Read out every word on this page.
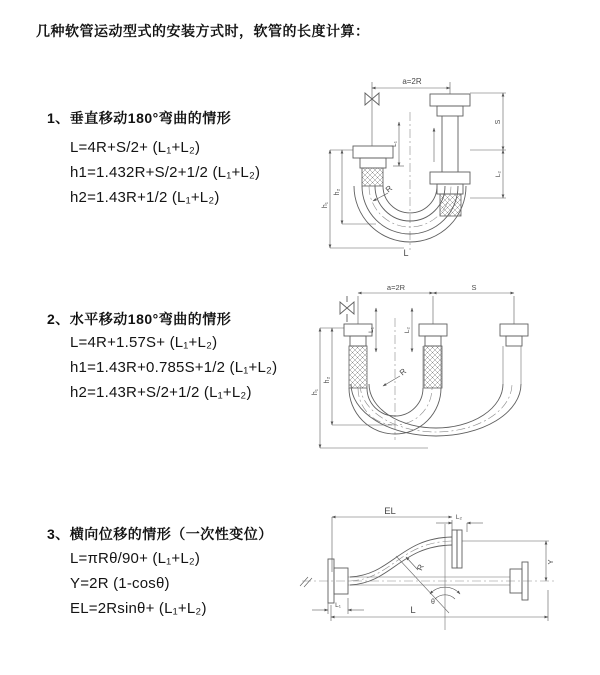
几种软管运动型式的安装方式时，软管的长度计算：
1、垂直移动180°弯曲的情形
L=4R+S/2+ (L₁+L₂)
h1=1.432R+S/2+1/2 (L₁+L₂)
h2=1.43R+1/2 (L₁+L₂)
2、水平移动180°弯曲的情形
L=4R+1.57S+ (L₁+L₂)
h1=1.43R+0.785S+1/2 (L₁+L₂)
h2=1.43R+S/2+1/2 (L₁+L₂)
3、横向位移的情形（一次性变位）
L=πRθ/90+ (L₁+L₂)
Y=2R (1-cosθ)
EL=2Rsinθ+ (L₁+L₂)
a=2R
h₁
h₂
L₁
S
L₂
R
L
a=2R	S
h₁
h₂
L₁	L₂
R
EL
L₂
Y
θ
R
L₁	L
